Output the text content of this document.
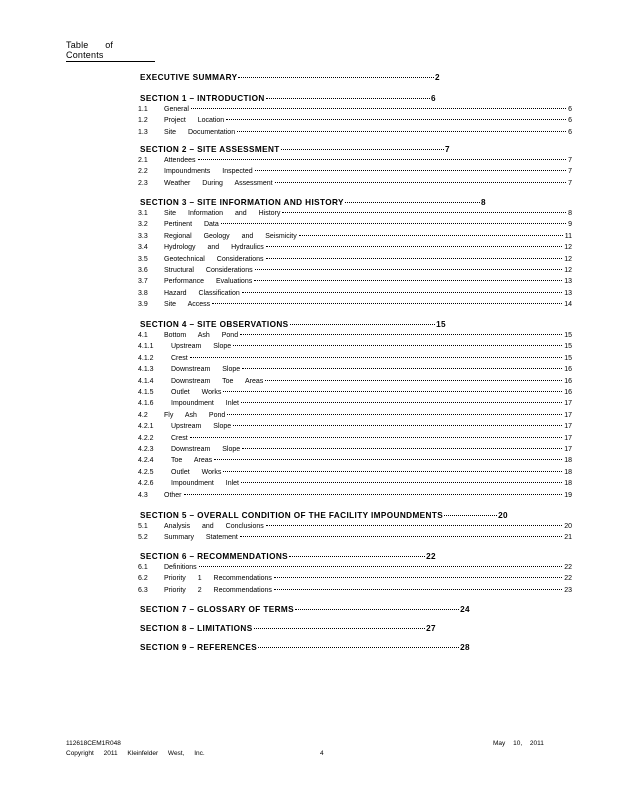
Table of Contents
EXECUTIVE SUMMARY	2
SECTION 1 – INTRODUCTION	6
1.1	General	6
1.2	Project Location	6
1.3	Site Documentation	6
SECTION 2 – SITE ASSESSMENT	7
2.1	Attendees	7
2.2	Impoundments Inspected	7
2.3	Weather During Assessment	7
SECTION 3 – SITE INFORMATION AND HISTORY	8
3.1	Site Information and History	8
3.2	Pertinent Data	9
3.3	Regional Geology and Seismicity	11
3.4	Hydrology and Hydraulics	12
3.5	Geotechnical Considerations	12
3.6	Structural Considerations	12
3.7	Performance Evaluations	13
3.8	Hazard Classification	13
3.9	Site Access	14
SECTION 4 – SITE OBSERVATIONS	15
4.1	Bottom Ash Pond	15
4.1.1	Upstream Slope	15
4.1.2	Crest	15
4.1.3	Downstream Slope	16
4.1.4	Downstream Toe Areas	16
4.1.5	Outlet Works	16
4.1.6	Impoundment Inlet	17
4.2	Fly Ash Pond	17
4.2.1	Upstream Slope	17
4.2.2	Crest	17
4.2.3	Downstream Slope	17
4.2.4	Toe Areas	18
4.2.5	Outlet Works	18
4.2.6	Impoundment Inlet	18
4.3	Other	19
SECTION 5 – OVERALL CONDITION OF THE FACILITY IMPOUNDMENTS	20
5.1	Analysis and Conclusions	20
5.2	Summary Statement	21
SECTION 6 – RECOMMENDATIONS	22
6.1	Definitions	22
6.2	Priority 1 Recommendations	22
6.3	Priority 2 Recommendations	23
SECTION 7 – GLOSSARY OF TERMS	24
SECTION 8 – LIMITATIONS	27
SECTION 9 – REFERENCES	28
112618CEM1R048
Copyright 2011 Kleinfelder West, Inc.	4
May 10, 2011
